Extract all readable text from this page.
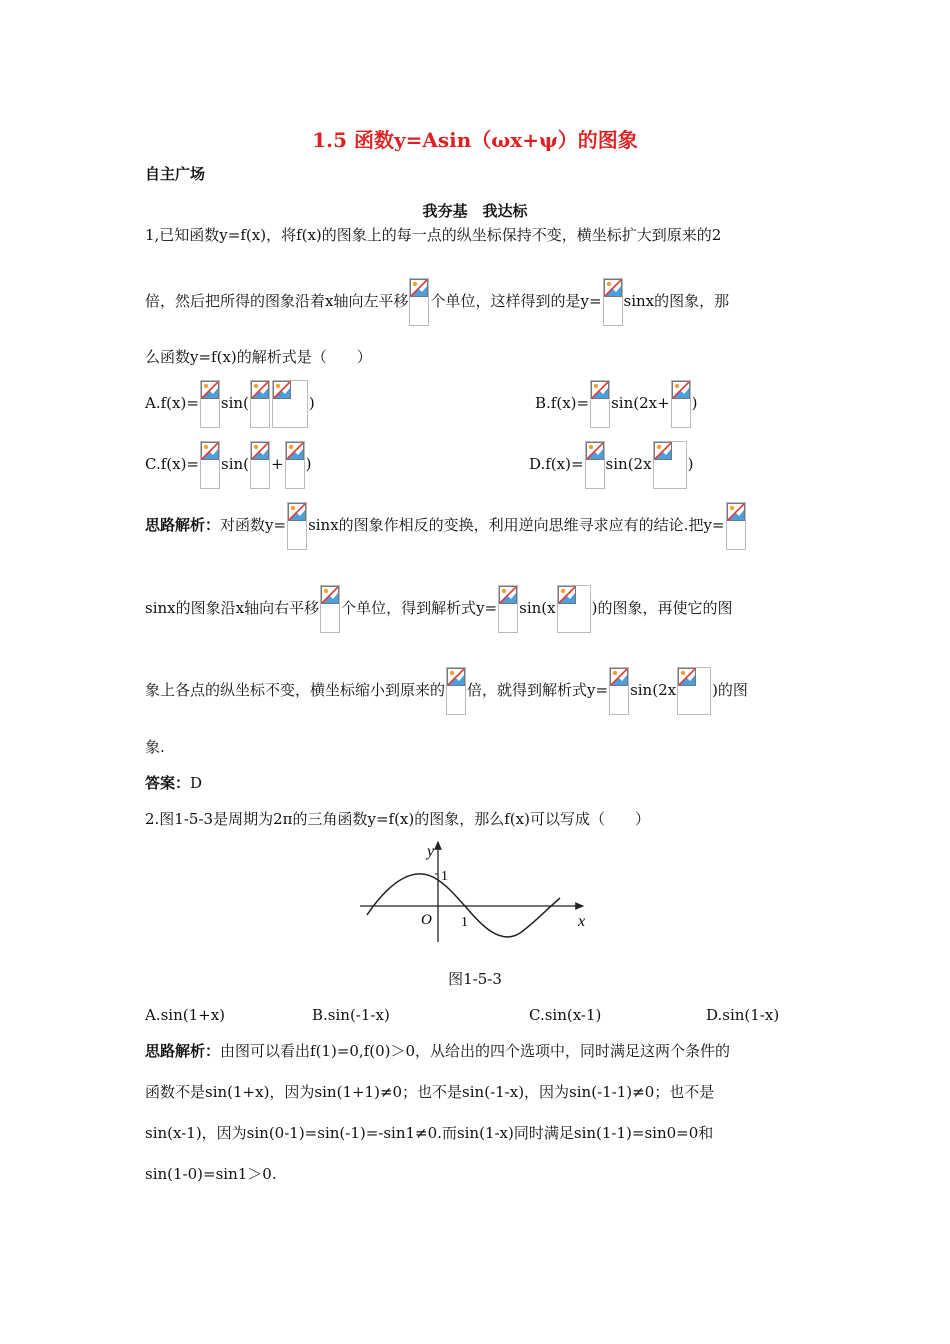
1.5 函数y=Asin（ωx+ψ）的图象
自主广场
我夯基　我达标
1,已知函数y=f(x)，将f(x)的图象上的每一点的纵坐标保持不变，横坐标扩大到原来的2
倍，然后把所得的图象沿着x轴向左平移 个单位，这样得到的是y= sinx的图象，那
么函数y=f(x)的解析式是（　　）
A.f(x)= sin(	)	B.f(x)= sin(2x+ )
C.f(x)= sin( + )	D.f(x)= sin(2x )
思路解析：对函数y= sinx的图象作相反的变换，利用逆向思维寻求应有的结论.把y=
sinx的图象沿x轴向右平移 个单位，得到解析式y= sin(x )的图象，再使它的图
象上各点的纵坐标不变，横坐标缩小到原来的 倍，就得到解析式y= sin(2x )的图
象.
答案：D
2.图1-5-3是周期为2π的三角函数y=f(x)的图象，那么f(x)可以写成（　　）
y
x
O 1
1
图1-5-3
A.sin(1+x)	B.sin(-1-x)	C.sin(x-1)	D.sin(1-x)
思路解析：由图可以看出f(1)=0,f(0)＞0，从给出的四个选项中，同时满足这两个条件的
函数不是sin(1+x)，因为sin(1+1)≠0；也不是sin(-1-x)，因为sin(-1-1)≠0；也不是
sin(x-1)，因为sin(0-1)=sin(-1)=-sin1≠0.而sin(1-x)同时满足sin(1-1)=sin0=0和
sin(1-0)=sin1＞0.
